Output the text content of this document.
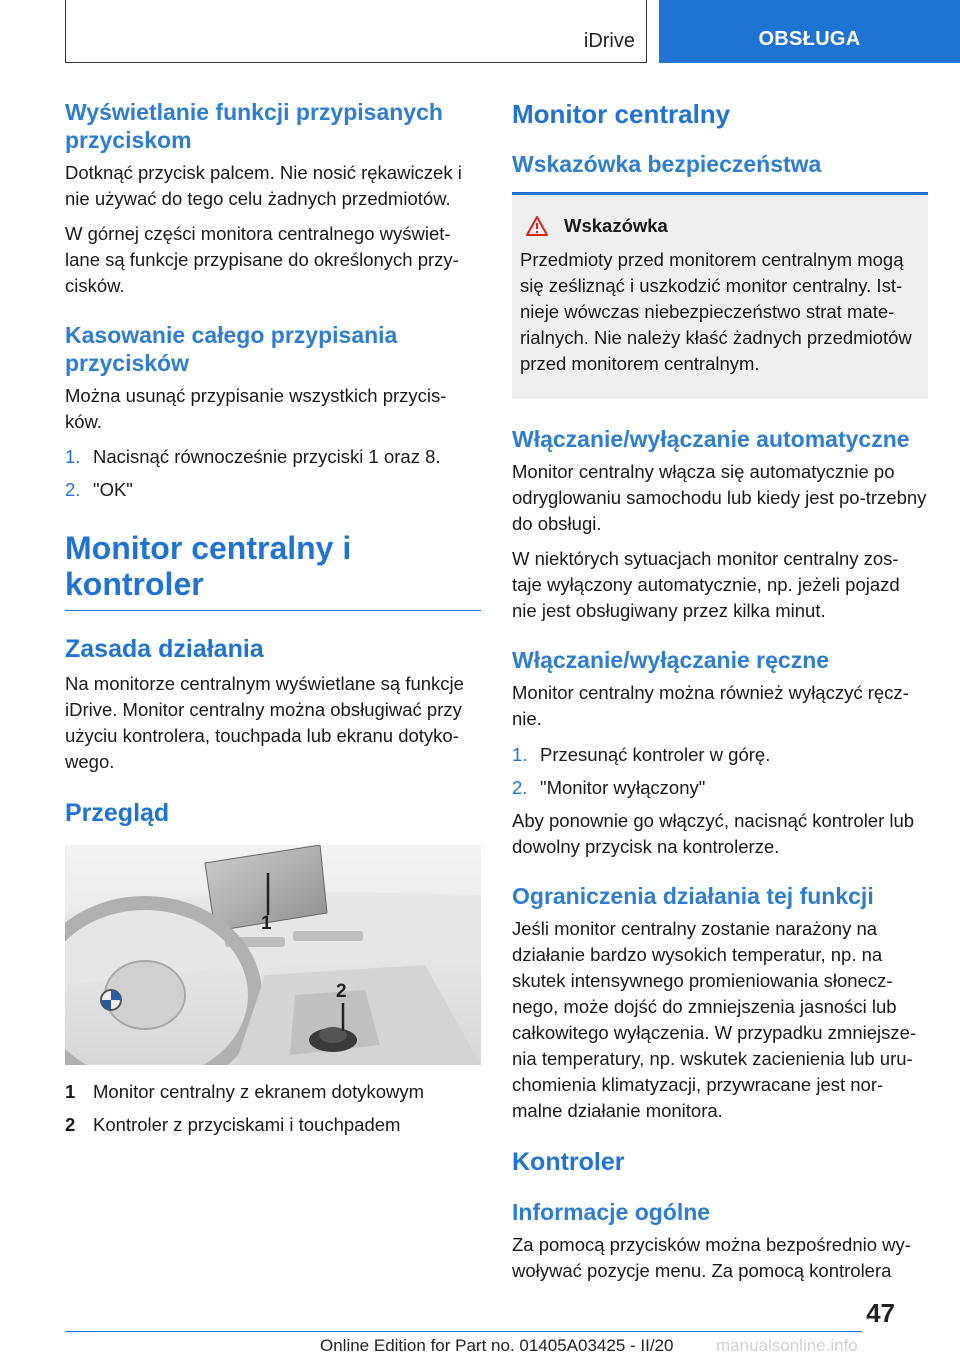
iDrive	OBSŁUGA
Wyświetlanie funkcji przypisanych przyciskom

Dotknąć przycisk palcem. Nie nosić rękawiczek i nie używać do tego celu żadnych przedmiotów.

W górnej części monitora centralnego wyświet‐lane są funkcje przypisane do określonych przy‐cisków.

Kasowanie całego przypisania przycisków

Można usunąć przypisanie wszystkich przycis‐ków.

1. Nacisnąć równocześnie przyciski 1 oraz 8.
2. "OK"
Monitor centralny i kontroler
Zasada działania

Na monitorze centralnym wyświetlane są funkcje iDrive. Monitor centralny można obsługiwać przy użyciu kontrolera, touchpada lub ekranu dotyko‐wego.

Przegląd
1
2
1 Monitor centralny z ekranem dotykowym
2 Kontroler z przyciskami i touchpadem
Monitor centralny
Wskazówka bezpieczeństwa
Wskazówka

Przedmioty przed monitorem centralnym mogą się ześliznąć i uszkodzić monitor centralny. Ist‐nieje wówczas niebezpieczeństwo strat mate‐rialnych. Nie należy kłaść żadnych przedmiotów przed monitorem centralnym.

Włączanie/wyłączanie automatyczne

Monitor centralny włącza się automatycznie po odryglowaniu samochodu lub kiedy jest po‐trzebny do obsługi.

W niektórych sytuacjach monitor centralny zos‐taje wyłączony automatycznie, np. jeżeli pojazd nie jest obsługiwany przez kilka minut.

Włączanie/wyłączanie ręczne

Monitor centralny można również wyłączyć ręcz‐nie.

1. Przesunąć kontroler w górę.
2. "Monitor wyłączony"

Aby ponownie go włączyć, nacisnąć kontroler lub dowolny przycisk na kontrolerze.

Ograniczenia działania tej funkcji

Jeśli monitor centralny zostanie narażony na działanie bardzo wysokich temperatur, np. na skutek intensywnego promieniowania słonecz‐nego, może dojść do zmniejszenia jasności lub całkowitego wyłączenia. W przypadku zmniejsze‐nia temperatury, np. wskutek zacienienia lub uru‐chomienia klimatyzacji, przywracane jest nor‐malne działanie monitora.

Kontroler
Informacje ogólne

Za pomocą przycisków można bezpośrednio wy‐woływać pozycje menu. Za pomocą kontrolera

47
Online Edition for Part no. 01405A03425 - II/20	manualsonline.info
